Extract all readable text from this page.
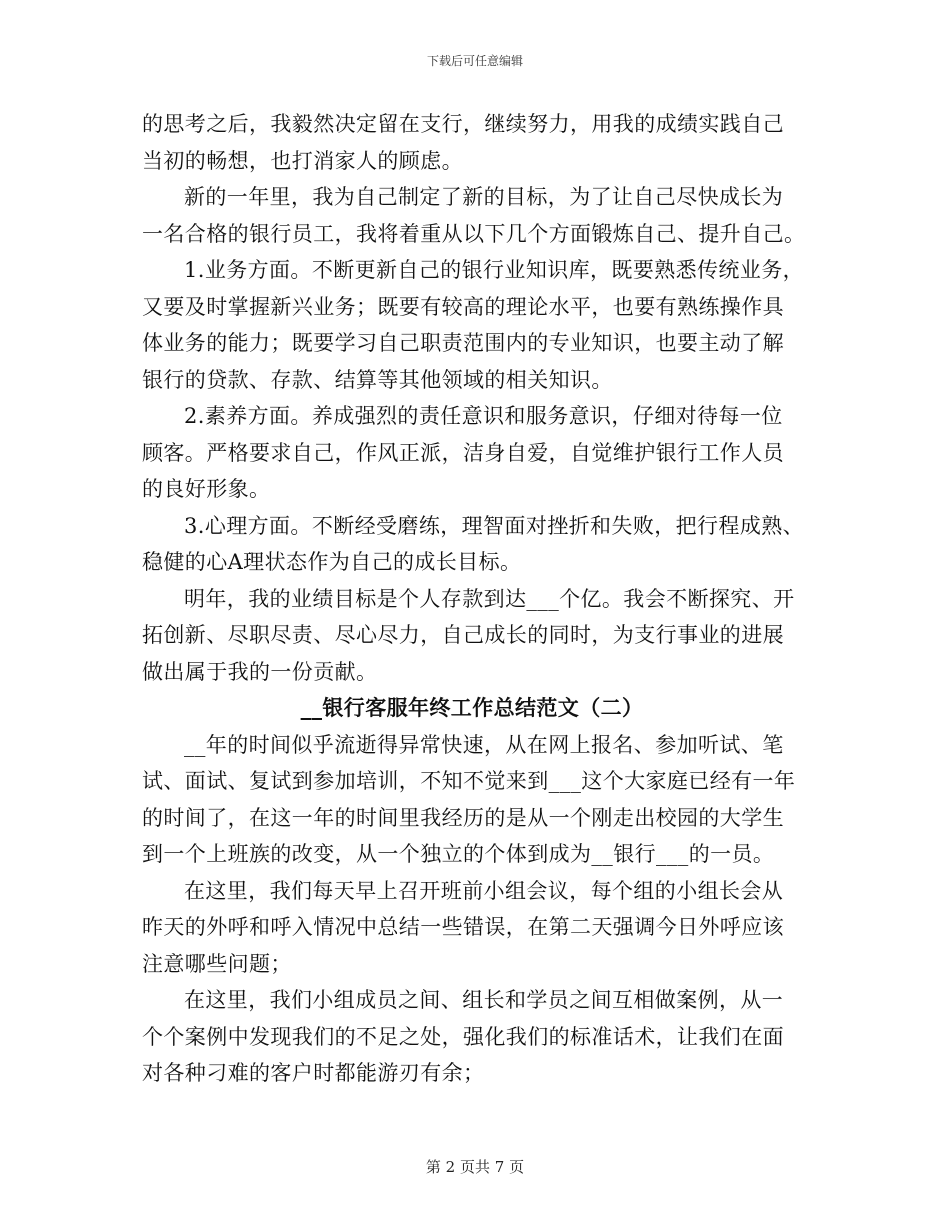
下载后可任意编辑
的思考之后，我毅然决定留在支行，继续努力，用我的成绩实践自己
当初的畅想，也打消家人的顾虑。
新的一年里，我为自己制定了新的目标，为了让自己尽快成长为
一名合格的银行员工，我将着重从以下几个方面锻炼自己、提升自己。
1.业务方面。不断更新自己的银行业知识库，既要熟悉传统业务，
又要及时掌握新兴业务；既要有较高的理论水平，也要有熟练操作具
体业务的能力；既要学习自己职责范围内的专业知识，也要主动了解
银行的贷款、存款、结算等其他领域的相关知识。
2.素养方面。养成强烈的责任意识和服务意识，仔细对待每一位
顾客。严格要求自己，作风正派，洁身自爱，自觉维护银行工作人员
的良好形象。
3.心理方面。不断经受磨练，理智面对挫折和失败，把行程成熟、
稳健的心A理状态作为自己的成长目标。
明年，我的业绩目标是个人存款到达___个亿。我会不断探究、开
拓创新、尽职尽责、尽心尽力，自己成长的同时，为支行事业的进展
做出属于我的一份贡献。
__银行客服年终工作总结范文（二）
__年的时间似乎流逝得异常快速，从在网上报名、参加听试、笔
试、面试、复试到参加培训，不知不觉来到___这个大家庭已经有一年
的时间了，在这一年的时间里我经历的是从一个刚走出校园的大学生
到一个上班族的改变，从一个独立的个体到成为__银行___的一员。
在这里，我们每天早上召开班前小组会议，每个组的小组长会从
昨天的外呼和呼入情况中总结一些错误，在第二天强调今日外呼应该
注意哪些问题；
在这里，我们小组成员之间、组长和学员之间互相做案例，从一
个个案例中发现我们的不足之处，强化我们的标准话术，让我们在面
对各种刁难的客户时都能游刃有余；
第 2 页共 7 页
